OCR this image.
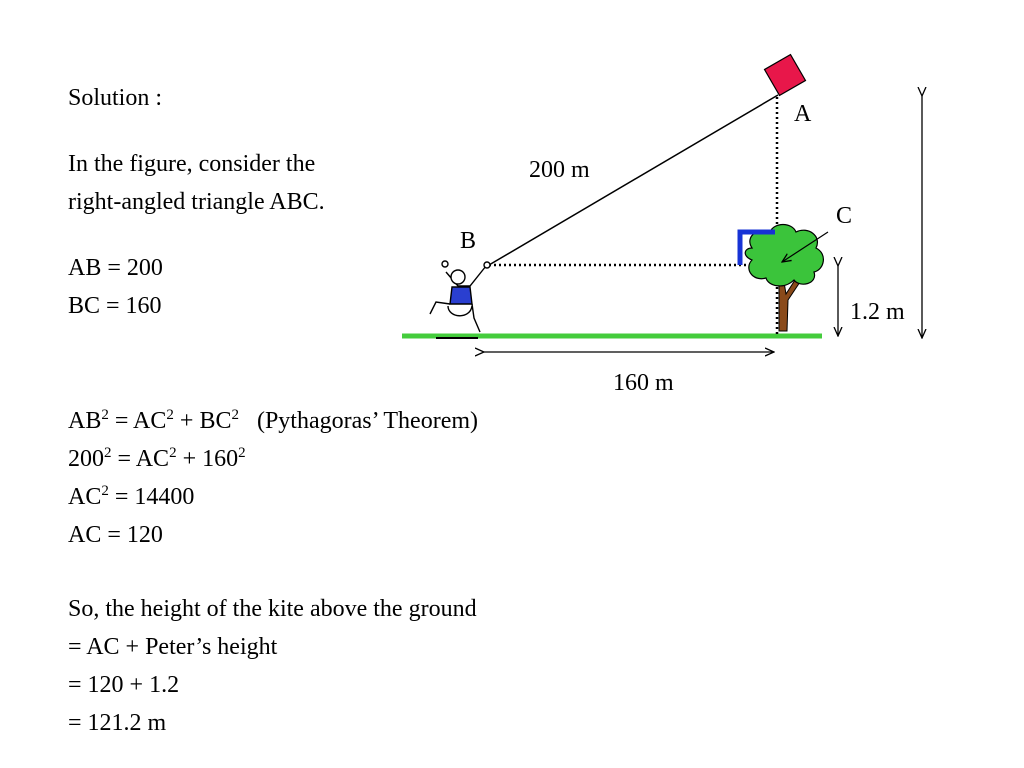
Solution :
In the figure, consider the
right-angled triangle ABC.
AB = 200
BC = 160
$AB^2 = AC^2 + BC^2$   (Pythagoras’ Theorem)
$200^2 = AC^2 + 160^2$
$AC^2 = 14400$
AC = 120
So, the height of the kite above the ground
= AC + Peter’s height
= 120 + 1.2
= 121.2 m
A
B
C
200 m
160 m
1.2 m
